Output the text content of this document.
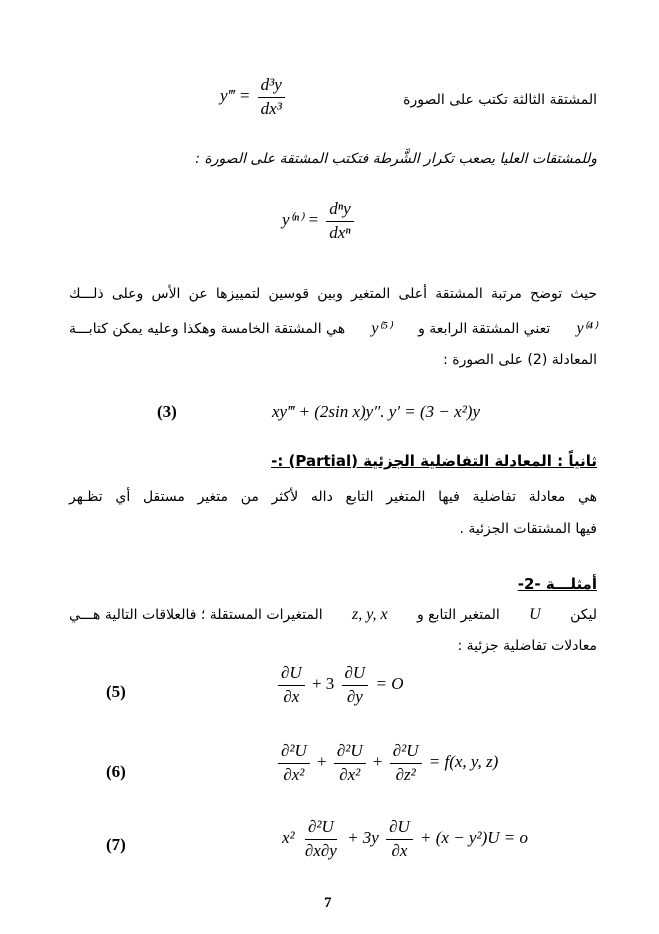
y‴ = $\frac{\text{d³y}}{\text{dx³}}$	المشتقة الثالثة تكتب على الصورة
وللمشتقات العليا يصعب تكرار الشَّرطة فتكتب المشتقة على الصورة :
$y^{(n)} = \frac{\text{dⁿy}}{\text{dxⁿ}}$
حيث توضح مرتبة المشتقة أعلى المتغير وبين قوسين لتمييزها عن الأس وعلى ذلـــك
y⁽⁴⁾
تعني المشتقة الرابعة و
y⁽⁵⁾
هي المشتقة الخامسة وهكذا وعليه يمكن كتابـــة
المعادلة (2) على الصورة :
(3)	xy‴ + (2sin x)y″. y′ = (3 − x²)y
ثانياً : المعادلة التفاضلية الجزئية (Partial) :-
هي معادلة تفاضلية فيها المتغير التابع داله لأكثر من متغير مستقل أي تظـهر
فيها المشتقات الجزئية .
أمثلـــة -2-
ليكن
U
المتغير التابع و
z, y, x
المتغيرات المستقلة ؛ فالعلاقات التالية هـــي
معادلات تفاضلية جزئية :
(5)	$\frac{\partial U}{\partial x} + 3 \frac{\partial U}{\partial y} = O$
(6)	$\frac{\text{∂²U}}{\text{∂x²}} + \frac{\text{∂²U}}{\text{∂x²}} + \frac{\text{∂²U}}{\text{∂z²}} = f(x$, y, z)
(7)	$x^2 \frac{\text{∂²U}}{\partial x\partial y} + 3y \frac{\partial U}{\partial x} + (x - y^2)U = o$
7
